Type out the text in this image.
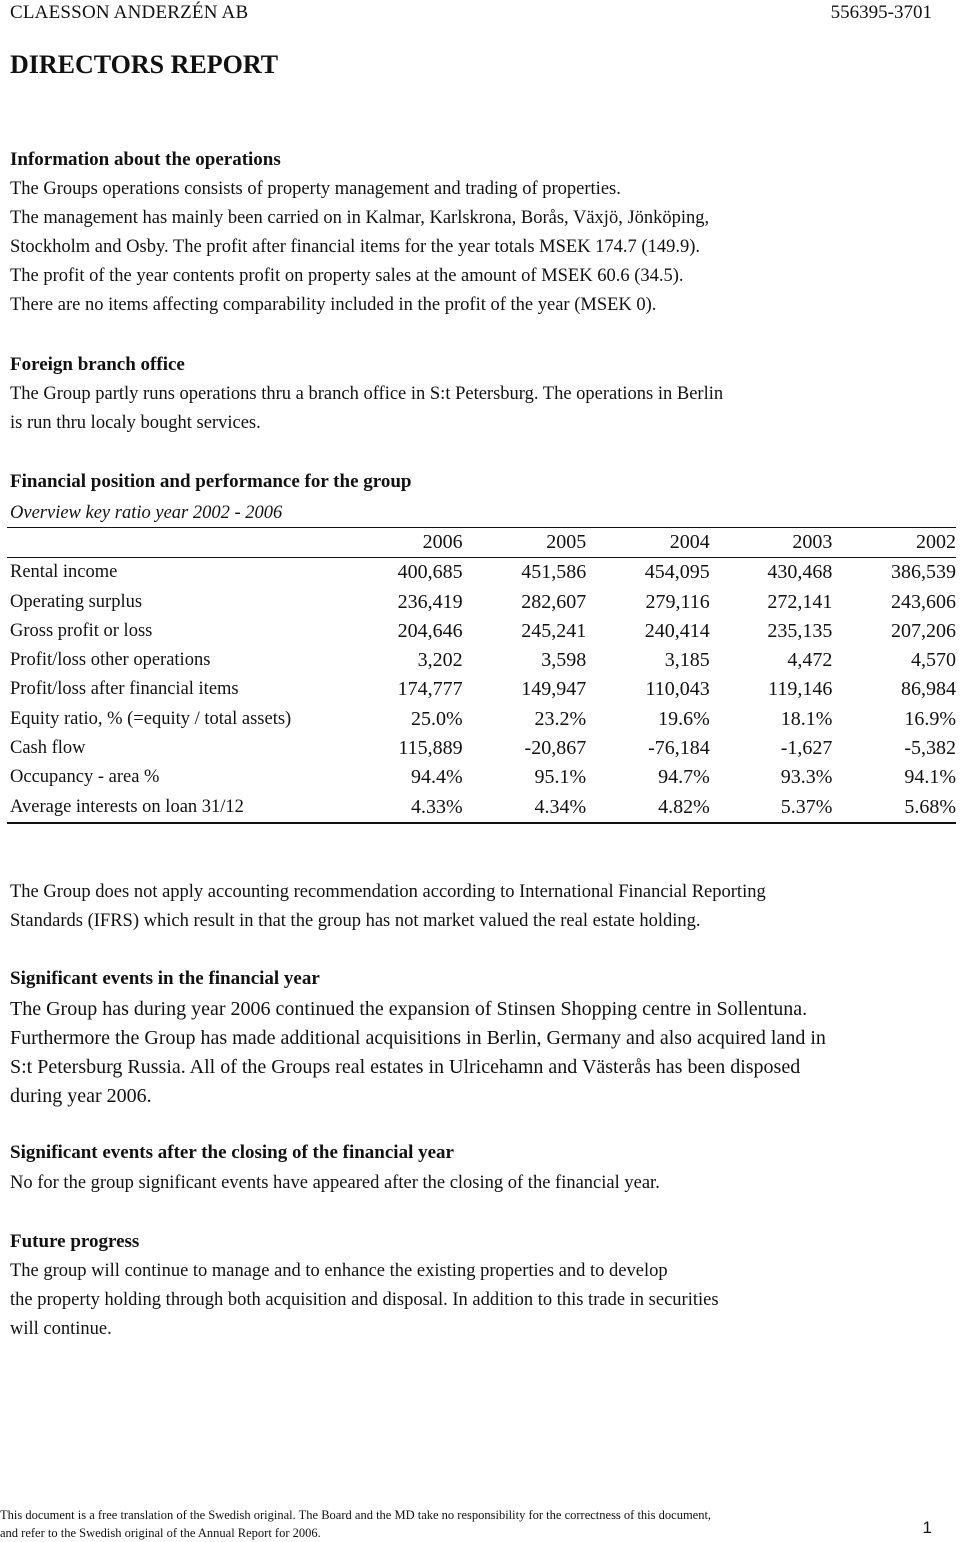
CLAESSON ANDERZÉN AB	556395-3701
DIRECTORS REPORT
Information about the operations
The Groups operations consists of property management and trading of properties.
The management has mainly been carried on in Kalmar, Karlskrona, Borås, Växjö, Jönköping,
Stockholm and Osby. The profit after financial items for the year totals MSEK 174.7 (149.9).
The profit of the year contents profit on property sales at the amount of MSEK 60.6 (34.5).
There are no items affecting comparability included in the profit of the year (MSEK 0).
Foreign branch office
The Group partly runs operations thru a branch office in S:t Petersburg. The operations in Berlin
is run thru localy bought services.
Financial position and performance for the group
Overview key ratio year 2002 - 2006
	2006	2005	2004	2003	2002
Rental income	400,685	451,586	454,095	430,468	386,539
Operating surplus	236,419	282,607	279,116	272,141	243,606
Gross profit or loss	204,646	245,241	240,414	235,135	207,206
Profit/loss other operations	3,202	3,598	3,185	4,472	4,570
Profit/loss after financial items	174,777	149,947	110,043	119,146	86,984
Equity ratio, % (=equity / total assets)	25.0%	23.2%	19.6%	18.1%	16.9%
Cash flow	115,889	-20,867	-76,184	-1,627	-5,382
Occupancy - area %	94.4%	95.1%	94.7%	93.3%	94.1%
Average interests on loan 31/12	4.33%	4.34%	4.82%	5.37%	5.68%
The Group does not apply accounting recommendation according to International Financial Reporting
Standards (IFRS) which result in that the group has not market valued the real estate holding.
Significant events in the financial year
The Group has during year 2006 continued the expansion of Stinsen Shopping centre in Sollentuna.
Furthermore the Group has made additional acquisitions in Berlin, Germany and also acquired land in
S:t Petersburg Russia. All of the Groups real estates in Ulricehamn and Västerås has been disposed
during year 2006.
Significant events after the closing of the financial year
No for the group significant events have appeared after the closing of the financial year.
Future progress
The group will continue to manage and to enhance the existing properties and to develop
the property holding through both acquisition and disposal. In addition to this trade in securities
will continue.
This document is a free translation of the Swedish original. The Board and the MD take no responsibility for the correctness of this document,
and refer to the Swedish original of the Annual Report for 2006.	1
